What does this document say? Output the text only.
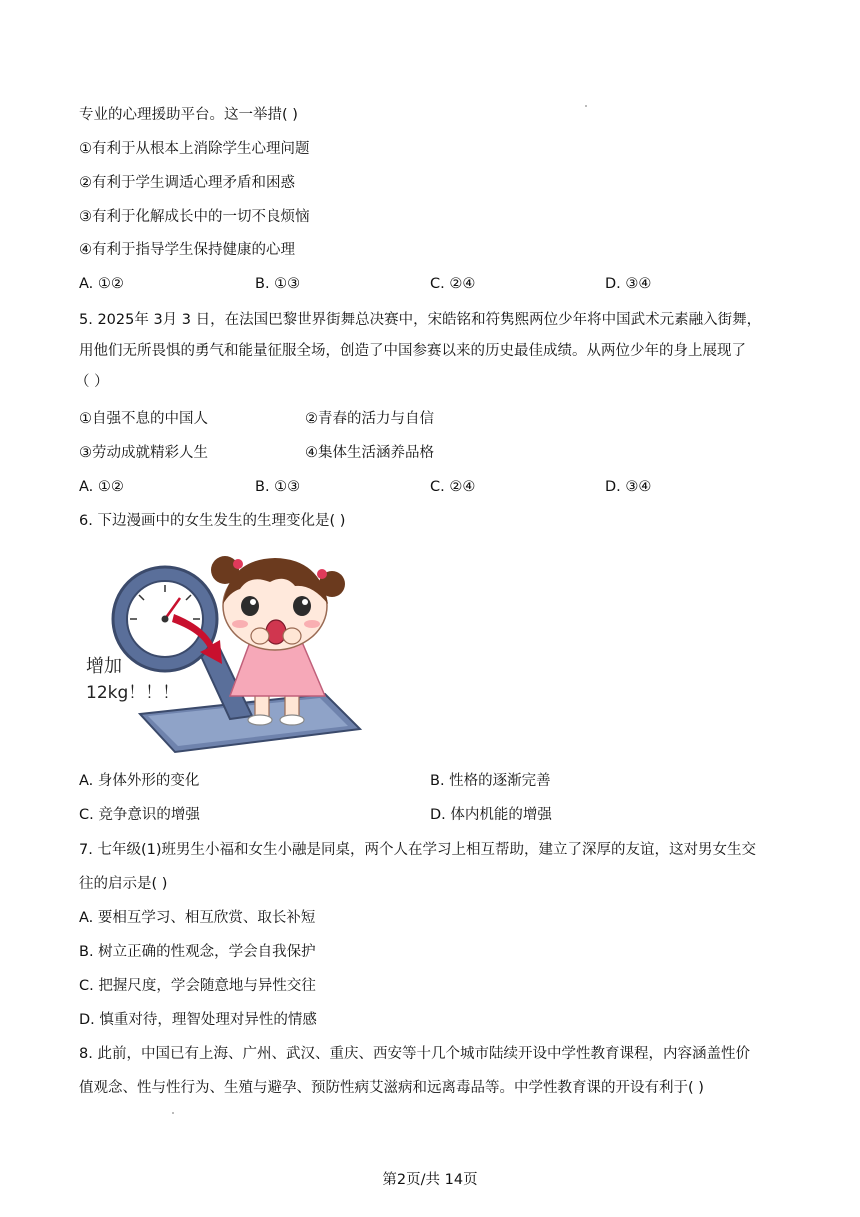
专业的心理援助平台。这一举措( )
①有利于从根本上消除学生心理问题
②有利于学生调适心理矛盾和困惑
③有利于化解成长中的一切不良烦恼
④有利于指导学生保持健康的心理
A. ①②	B. ①③	C. ②④	D. ③④
5. 2025年 3月 3 日，在法国巴黎世界街舞总决赛中，宋皓铭和符隽熙两位少年将中国武术元素融入街舞，
用他们无所畏惧的勇气和能量征服全场，创造了中国参赛以来的历史最佳成绩。从两位少年的身上展现了
（ ）
①自强不息的中国人	②青春的活力与自信
③劳动成就精彩人生	④集体生活涵养品格
A. ①②	B. ①③	C. ②④	D. ③④
6. 下边漫画中的女生发生的生理变化是( )
增加
12kg！！！
A. 身体外形的变化	B. 性格的逐渐完善
C. 竞争意识的增强	D. 体内机能的增强
7. 七年级(1)班男生小福和女生小融是同桌，两个人在学习上相互帮助，建立了深厚的友谊，这对男女生交
往的启示是( )
A. 要相互学习、相互欣赏、取长补短
B. 树立正确的性观念，学会自我保护
C. 把握尺度，学会随意地与异性交往
D. 慎重对待，理智处理对异性的情感
8. 此前，中国已有上海、广州、武汉、重庆、西安等十几个城市陆续开设中学性教育课程，内容涵盖性价
值观念、性与性行为、生殖与避孕、预防性病艾滋病和远离毒品等。中学性教育课的开设有利于( )
第2页/共 14页
